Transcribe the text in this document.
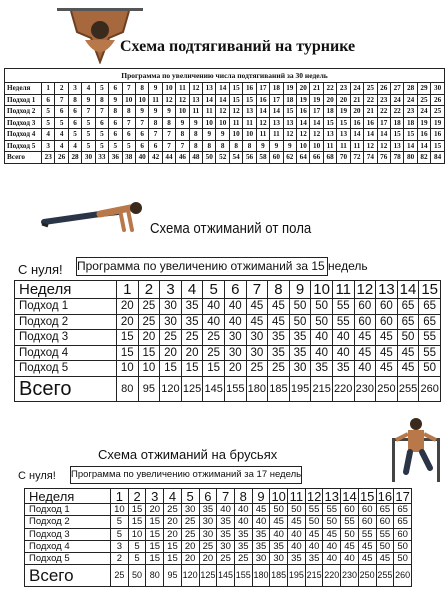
Схема подтягиваний на турнике
Программа по увеличению числа подтягиваний за 30 недель																														
Неделя	1	2	3	4	5	6	7	8	9	10	11	12	13	14	15	16	17	18	19	20	21	22	23	24	25	26	27	28	29	30
Подход 1	6	7	8	9	8	9	10	10	11	12	12	13	14	14	15	15	16	17	18	19	19	20	20	21	22	23	24	24	25	26
Подход 2	5	6	6	7	7	8	8	9	9	9	10	11	11	12	12	13	14	14	15	16	17	18	19	20	21	22	22	23	24	25
Подход 3	5	5	6	5	6	6	7	7	8	8	9	9	10	10	11	11	12	13	13	14	14	15	15	16	16	17	18	18	19	19
Подход 4	4	4	5	5	5	6	6	6	7	7	8	8	9	9	10	10	11	11	12	12	12	13	13	14	14	14	15	15	16	16
Подход 5	3	4	4	5	5	5	5	6	6	7	7	8	8	8	8	8	9	9	9	10	10	11	11	11	12	12	13	14	14	15
Всего	23	26	28	30	33	36	38	40	42	44	46	48	50	52	54	56	58	60	62	64	66	68	70	72	74	76	78	80	82	84
Схема отжиманий от пола
С нуля! Программа по увеличению отжиманий за 15 недель
Неделя	1	2	3	4	5	6	7	8	9	10	11	12	13	14	15
Подход 1	20	25	30	35	40	40	45	45	50	50	55	60	60	65	65
Подход 2	20	25	30	35	40	40	45	45	50	50	55	60	60	65	65
Подход 3	15	20	25	25	25	30	30	35	35	40	40	45	45	50	55
Подход 4	15	15	20	20	25	30	30	35	35	40	40	45	45	45	55
Подход 5	10	10	15	15	15	20	25	25	30	35	35	40	45	45	50
Всего	80	95	120	125	145	155	180	185	195	215	220	230	250	255	260
Схема отжиманий на брусьях
С нуля! Программа по увеличению отжиманий за 17 недель
Неделя	1	2	3	4	5	6	7	8	9	10	11	12	13	14	15	16	17
Подход 1	10	15	20	25	30	35	40	40	45	50	50	55	55	60	60	65	65
Подход 2	5	15	15	20	25	30	35	40	40	45	45	50	50	55	60	60	65
Подход 3	5	10	15	20	25	30	35	35	35	40	40	45	45	50	55	55	60
Подход 4	3	5	15	15	20	25	30	35	35	35	40	40	40	45	45	50	50
Подход 5	2	5	15	15	20	20	25	25	30	30	35	35	40	40	45	45	50
Всего	25	50	80	95	120	125	145	155	180	185	195	215	220	230	250	255	260
